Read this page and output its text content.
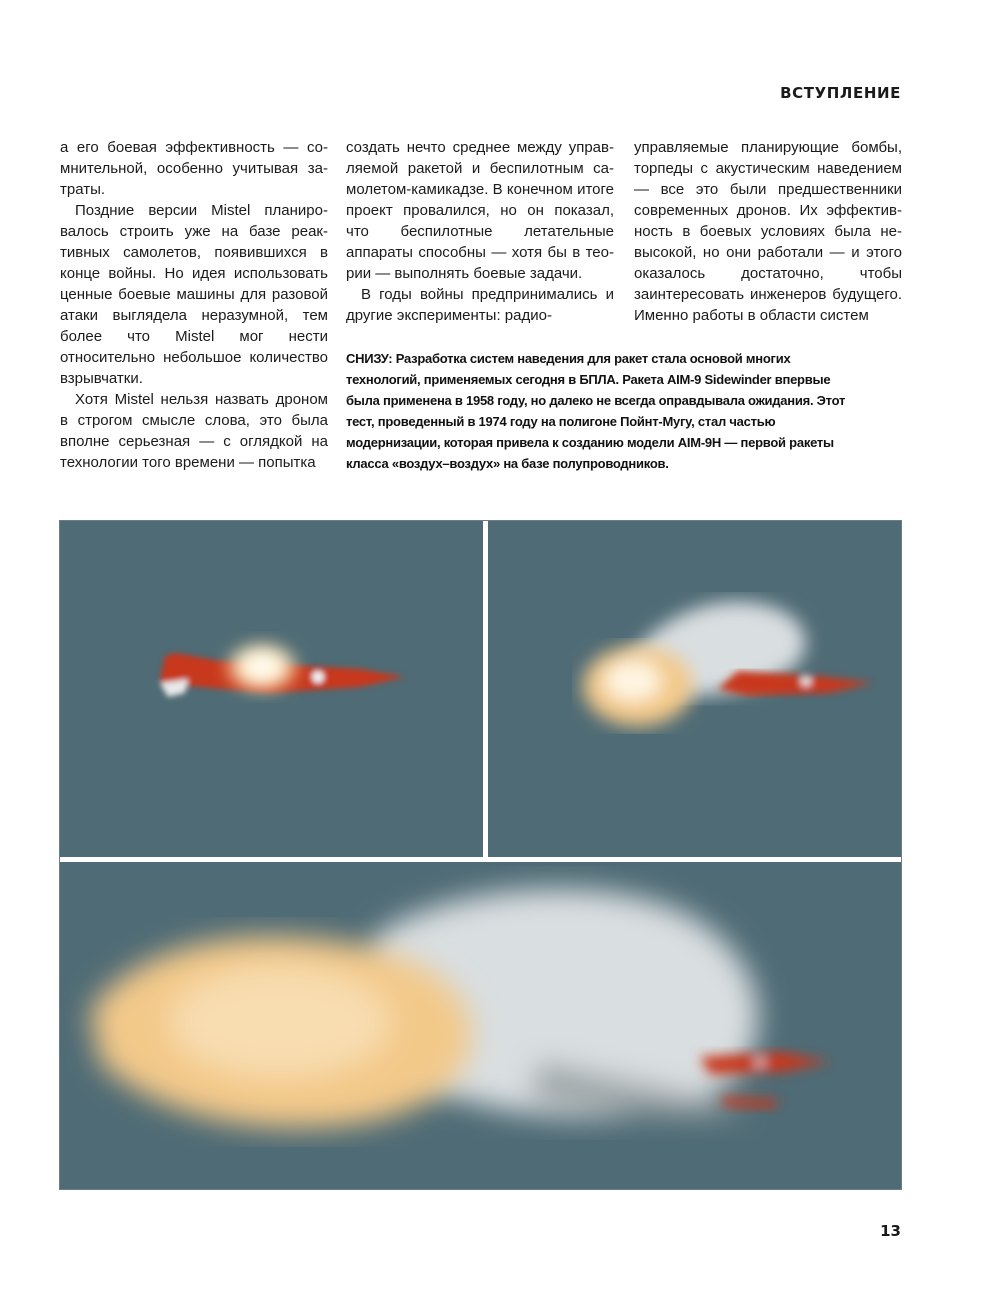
ВСТУПЛЕНИЕ

а его боевая эффективность — сомнительной, особенно учитывая затраты.

Поздние версии Mistel планировалось строить уже на базе реактивных самолетов, появившихся в конце войны. Но идея использовать ценные боевые машины для разовой атаки выглядела неразумной, тем более что Mistel мог нести относительно небольшое количество взрывчатки.

Хотя Mistel нельзя назвать дроном в строгом смысле слова, это была вполне серьезная — с оглядкой на технологии того времени — попытка

создать нечто среднее между управляемой ракетой и беспилотным самолетом-камикадзе. В конечном итоге проект провалился, но он показал, что беспилотные летательные аппараты способны — хотя бы в теории — выполнять боевые задачи.

В годы войны предпринимались и другие эксперименты: радио-

управляемые планирующие бомбы, торпеды с акустическим наведением — все это были предшественники современных дронов. Их эффективность в боевых условиях была невысокой, но они работали — и этого оказалось достаточно, чтобы заинтересовать инженеров будущего. Именно работы в области систем

СНИЗУ: Разработка систем наведения для ракет стала основой многих технологий, применяемых сегодня в БПЛА. Ракета AIM-9 Sidewinder впервые была применена в 1958 году, но далеко не всегда оправдывала ожидания. Этот тест, проведенный в 1974 году на полигоне Пойнт-Мугу, стал частью модернизации, которая привела к созданию модели AIM-9H — первой ракеты класса «воздух–воздух» на базе полупроводников.
13
